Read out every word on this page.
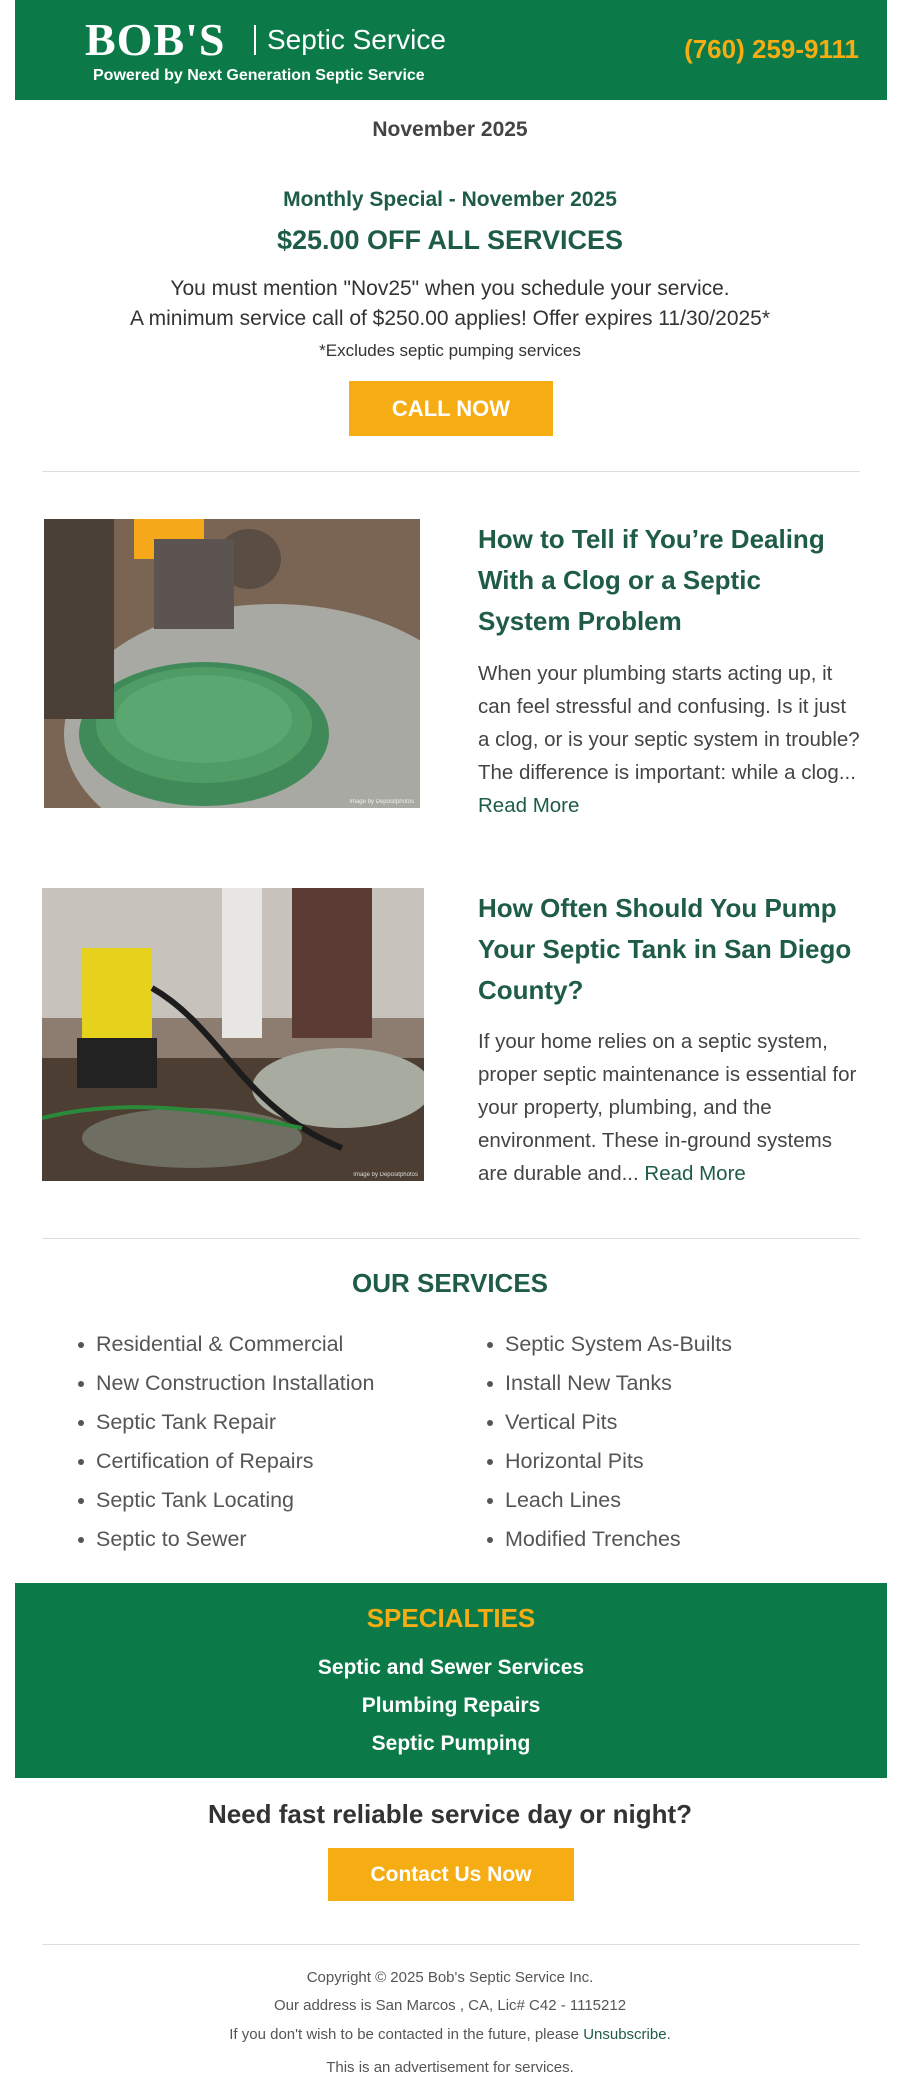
BOB'S Septic Service
Powered by Next Generation Septic Service
(760) 259-9111
November 2025
Monthly Special - November 2025
$25.00 OFF ALL SERVICES
You must mention "Nov25" when you schedule your service.
A minimum service call of $250.00 applies! Offer expires 11/30/2025*
*Excludes septic pumping services
CALL NOW
Image by Depositphotos
How to Tell if You’re Dealing With a Clog or a Septic System Problem
When your plumbing starts acting up, it can feel stressful and confusing. Is it just a clog, or is your septic system in trouble? The difference is important: while a clog... Read More
Image by Depositphotos
How Often Should You Pump Your Septic Tank in San Diego County?
If your home relies on a septic system, proper septic maintenance is essential for your property, plumbing, and the environment. These in-ground systems are durable and... Read More
OUR SERVICES
Residential & Commercial
New Construction Installation
Septic Tank Repair
Certification of Repairs
Septic Tank Locating
Septic to Sewer
Septic System As-Builts
Install New Tanks
Vertical Pits
Horizontal Pits
Leach Lines
Modified Trenches
SPECIALTIES
Septic and Sewer Services
Plumbing Repairs
Septic Pumping
Need fast reliable service day or night?
Contact Us Now
Copyright © 2025 Bob's Septic Service Inc.
Our address is San Marcos , CA, Lic# C42 - 1115212
If you don't wish to be contacted in the future, please Unsubscribe.
This is an advertisement for services.
